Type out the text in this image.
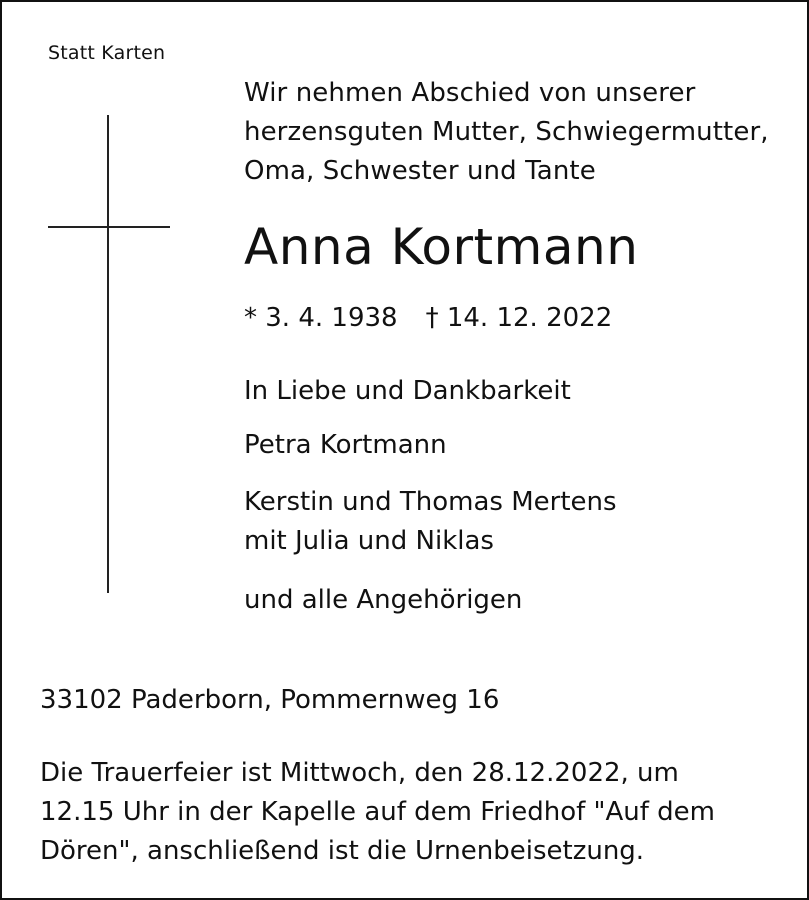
Statt Karten
Wir nehmen Abschied von unserer
herzensguten Mutter, Schwiegermutter,
Oma, Schwester und Tante
Anna Kortmann
* 3. 4. 1938 † 14. 12. 2022
In Liebe und Dankbarkeit
Petra Kortmann
Kerstin und Thomas Mertens
mit Julia und Niklas
und alle Angehörigen
33102 Paderborn, Pommernweg 16
Die Trauerfeier ist Mittwoch, den 28.12.2022, um
12.15 Uhr in der Kapelle auf dem Friedhof "Auf dem
Dören", anschließend ist die Urnenbeisetzung.
